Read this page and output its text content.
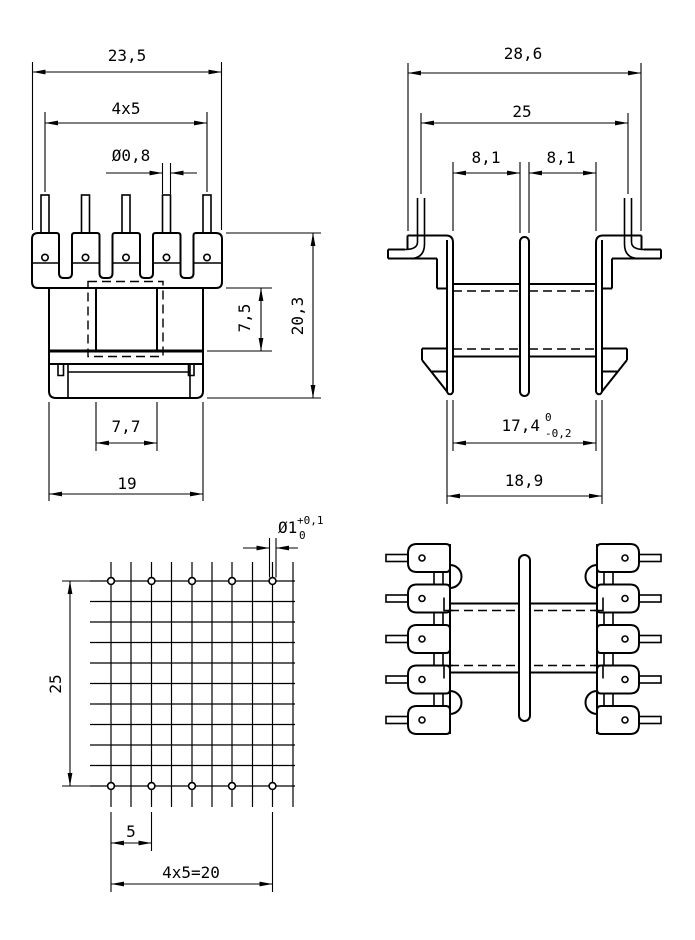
23,5
4x5
Ø0,8
7,5 20,3
7,7
19
28,6
25
8,1	8,1
17,4 0
-0,2
18,9
Ø1 +0,1
0
25
5
4x5=20
